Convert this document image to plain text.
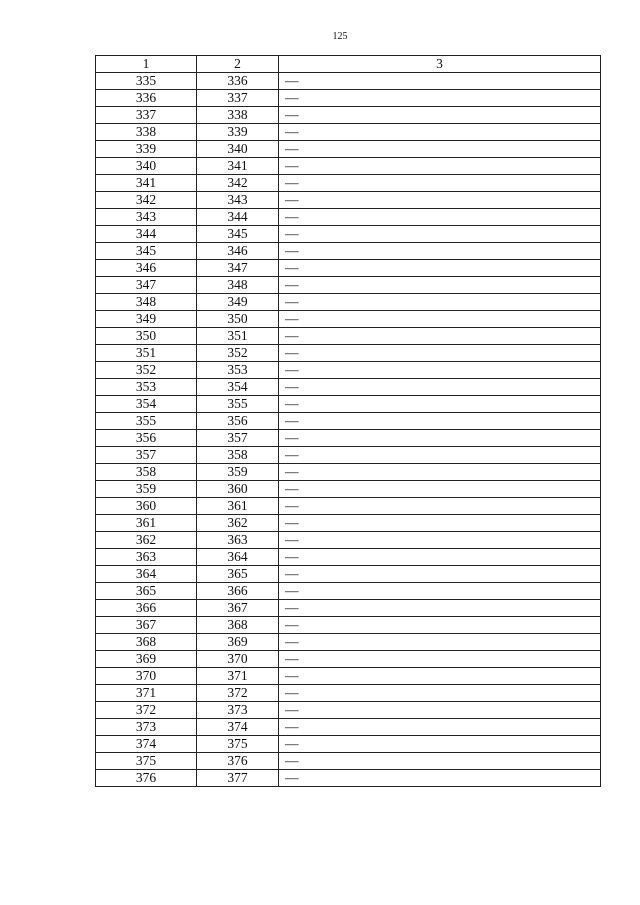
125
1	2	3
335	336	—
336	337	—
337	338	—
338	339	—
339	340	—
340	341	—
341	342	—
342	343	—
343	344	—
344	345	—
345	346	—
346	347	—
347	348	—
348	349	—
349	350	—
350	351	—
351	352	—
352	353	—
353	354	—
354	355	—
355	356	—
356	357	—
357	358	—
358	359	—
359	360	—
360	361	—
361	362	—
362	363	—
363	364	—
364	365	—
365	366	—
366	367	—
367	368	—
368	369	—
369	370	—
370	371	—
371	372	—
372	373	—
373	374	—
374	375	—
375	376	—
376	377	—
